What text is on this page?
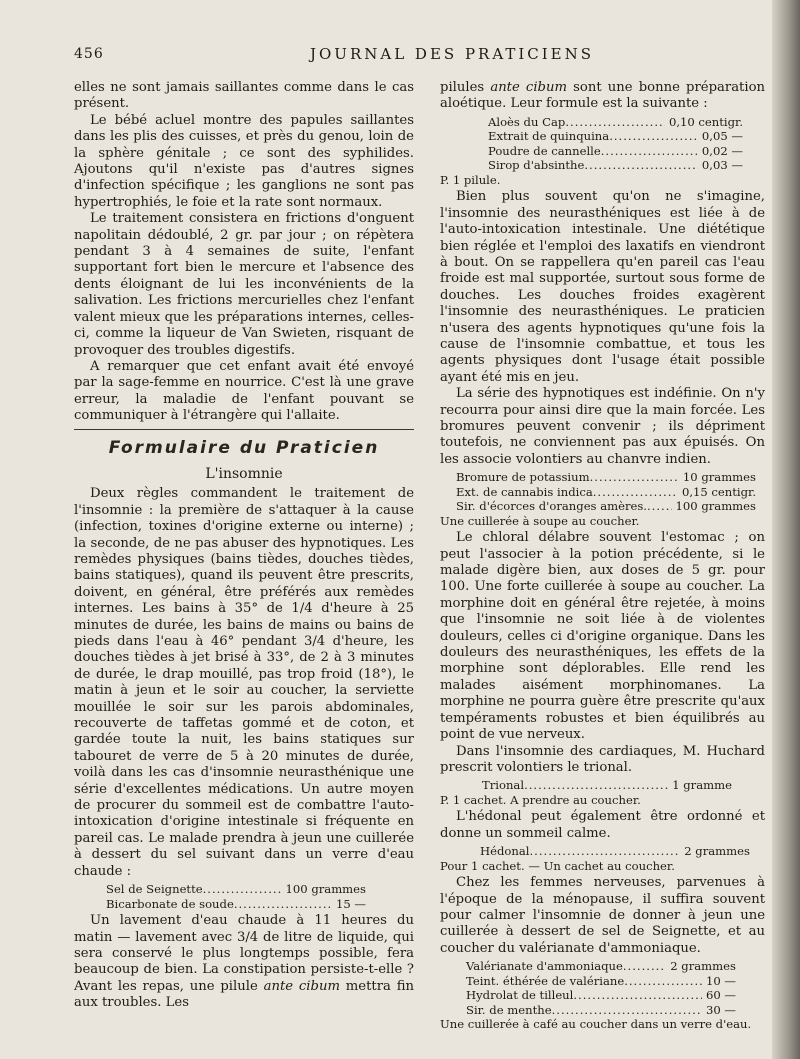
456	JOURNAL DES PRATICIENS

elles ne sont jamais saillantes comme dans le cas présent.

Le bébé acluel montre des papules saillantes dans les plis des cuisses, et près du genou, loin de la sphère génitale ; ce sont des syphilides. Ajoutons qu'il n'existe pas d'autres signes d'infection spécifique ; les ganglions ne sont pas hypertrophiés, le foie et la rate sont normaux.

Le traitement consistera en frictions d'onguent napolitain dédoublé, 2 gr. par jour ; on répètera pendant 3 à 4 semaines de suite, l'enfant supportant fort bien le mercure et l'absence des dents éloignant de lui les inconvénients de la salivation. Les frictions mercurielles chez l'enfant valent mieux que les préparations internes, celles-ci, comme la liqueur de Van Swieten, risquant de provoquer des troubles digestifs.

A remarquer que cet enfant avait été envoyé par la sage-femme en nourrice. C'est là une grave erreur, la maladie de l'enfant pouvant se communiquer à l'étrangère qui l'allaite.

Formulaire du Praticien
L'insomnie

Deux règles commandent le traitement de l'insomnie : la première de s'attaquer à la cause (infection, toxines d'origine externe ou interne) ; la seconde, de ne pas abuser des hypnotiques. Les remèdes physiques (bains tièdes, douches tièdes, bains statiques), quand ils peuvent être prescrits, doivent, en général, être préférés aux remèdes internes. Les bains à 35° de 1/4 d'heure à 25 minutes de durée, les bains de mains ou bains de pieds dans l'eau à 46° pendant 3/4 d'heure, les douches tièdes à jet brisé à 33°, de 2 à 3 minutes de durée, le drap mouillé, pas trop froid (18°), le matin à jeun et le soir au coucher, la serviette mouillée le soir sur les parois abdominales, recouverte de taffetas gommé et de coton, et gardée toute la nuit, les bains statiques sur tabouret de verre de 5 à 20 minutes de durée, voilà dans les cas d'insomnie neurasthénique une série d'excellentes médications. Un autre moyen de procurer du sommeil est de combattre l'auto-intoxication d'origine intestinale si fréquente en pareil cas. Le malade prendra à jeun une cuillerée à dessert du sel suivant dans un verre d'eau chaude :

Sel de Seignette .....	100 grammes
Bicarbonate de soude .....	15 —

Un lavement d'eau chaude à 11 heures du matin — lavement avec 3/4 de litre de liquide, qui sera conservé le plus longtemps possible, fera beaucoup de bien. La constipation persiste-t-elle ? Avant les repas, une pilule ante cibum mettra fin aux troubles. Les

pilules ante cibum sont une bonne préparation aloétique. Leur formule est la suivante :

Aloès du Cap .....	0,10 centigr.
Extrait de quinquina .....	0,05 —
Poudre de cannelle .....	0,02 —
Sirop d'absinthe .....	0,03 —
P. 1 pilule.

Bien plus souvent qu'on ne s'imagine, l'insomnie des neurasthéniques est liée à de l'auto-intoxication intestinale. Une diététique bien réglée et l'emploi des laxatifs en viendront à bout. On se rappellera qu'en pareil cas l'eau froide est mal supportée, surtout sous forme de douches. Les douches froides exagèrent l'insomnie des neurasthéniques. Le praticien n'usera des agents hypnotiques qu'une fois la cause de l'insomnie combattue, et tous les agents physiques dont l'usage était possible ayant été mis en jeu.

La série des hypnotiques est indéfinie. On n'y recourra pour ainsi dire que la main forcée. Les bromures peuvent convenir ; ils dépriment toutefois, ne conviennent pas aux épuisés. On les associe volontiers au chanvre indien.

Bromure de potassium .....	10 grammes
Ext. de cannabis indica .....	0,15 centigr.
Sir. d'écorces d'oranges amères. .....	100 grammes
Une cuillerée à soupe au coucher.

Le chloral délabre souvent l'estomac ; on peut l'associer à la potion précédente, si le malade digère bien, aux doses de 5 gr. pour 100. Une forte cuillerée à soupe au coucher. La morphine doit en général être rejetée, à moins que l'insomnie ne soit liée à de violentes douleurs, celles ci d'origine organique. Dans les douleurs des neurasthéniques, les effets de la morphine sont déplorables. Elle rend les malades aisément morphinomanes. La morphine ne pourra guère être prescrite qu'aux tempéraments robustes et bien équilibrés au point de vue nerveux.

Dans l'insomnie des cardiaques, M. Huchard prescrit volontiers le trional.

Trional .....	1 gramme
P. 1 cachet. A prendre au coucher.

L'hédonal peut également être ordonné et donne un sommeil calme.

Hédonal .....	2 grammes
Pour 1 cachet. — Un cachet au coucher.

Chez les femmes nerveuses, parvenues à l'époque de la ménopause, il suffira souvent pour calmer l'insomnie de donner à jeun une cuillerée à dessert de sel de Seignette, et au coucher du valérianate d'ammoniaque.

Valérianate d'ammoniaque .....	2 grammes
Teint. éthérée de valériane .....	10 —
Hydrolat de tilleul .....	60 —
Sir. de menthe .....	30 —
Une cuillerée à café au coucher dans un verre d'eau.
